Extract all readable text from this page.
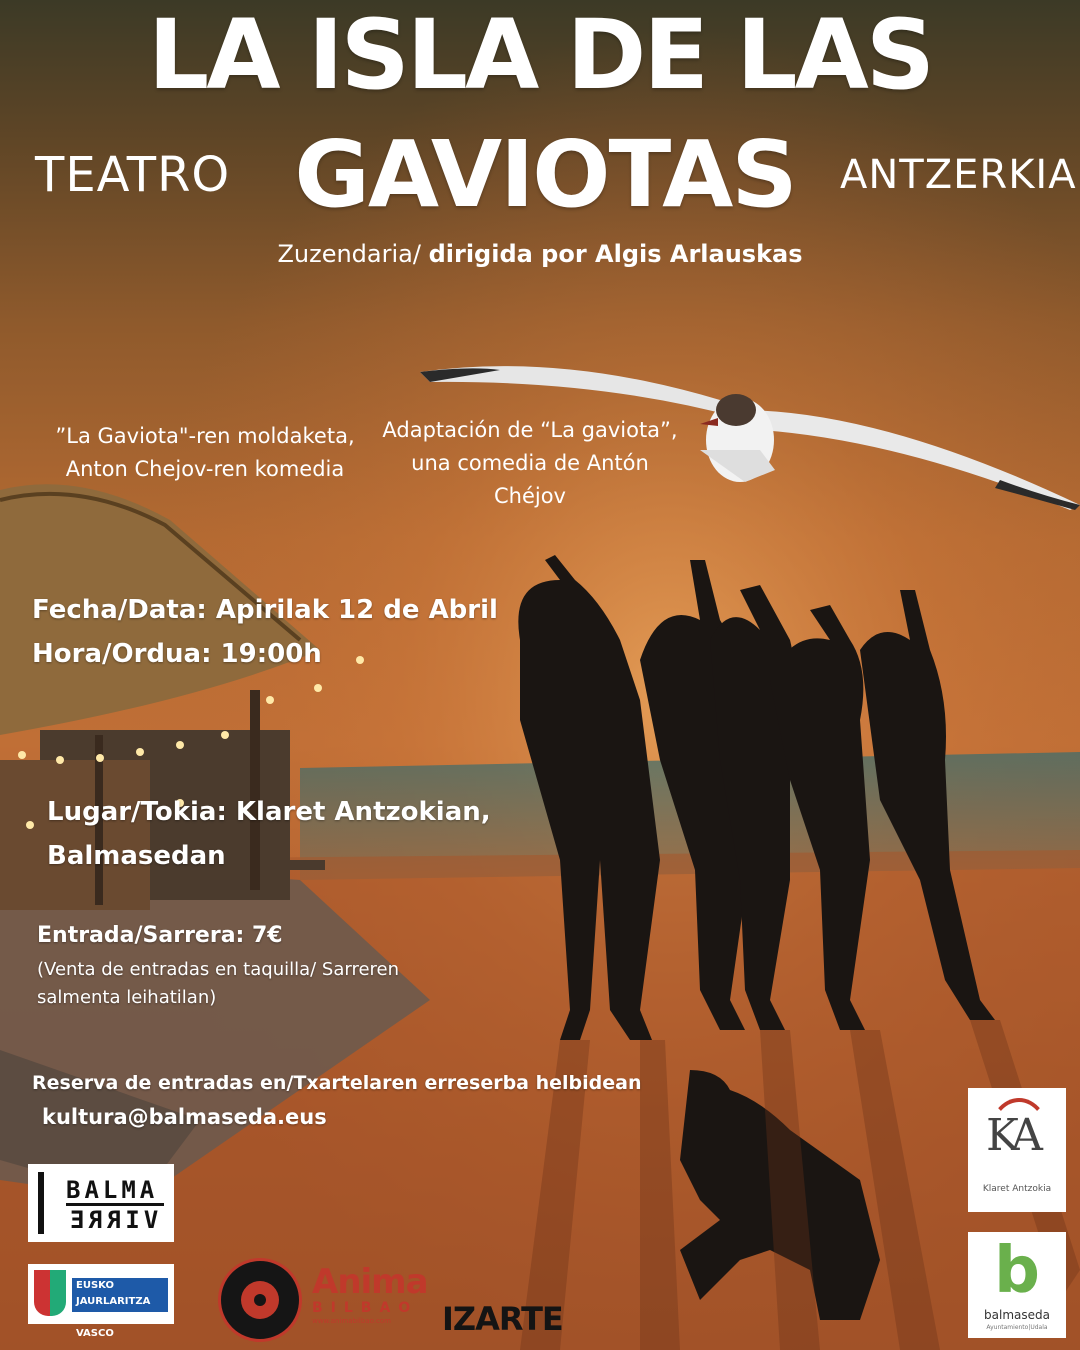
LA ISLA DE LAS
GAVIOTAS
TEATRO	ANTZERKIA
Zuzendaria/ dirigida por Algis Arlauskas
”La Gaviota"-ren moldaketa, Anton Chejov-ren komedia
Adaptación de “La gaviota”, una comedia de Antón Chéjov
Fecha/Data: Apirilak 12 de Abril
Hora/Ordua: 19:00h
Lugar/Tokia: Klaret Antzokian,
Balmasedan
Entrada/Sarrera: 7€
(Venta de entradas en taquilla/ Sarreren salmenta leihatilan)
Reserva de entradas en/Txartelaren erreserba helbidean
kultura@balmaseda.eus
BALMA
VIRRE
EUSKO JAURLARITZA
GOBIERNO VASCO
Anima
BILBAO
www.animabilbao.com	IZARTE
KA
Klaret Antzokia
b
balmaseda
Ayuntamiento|Udala
